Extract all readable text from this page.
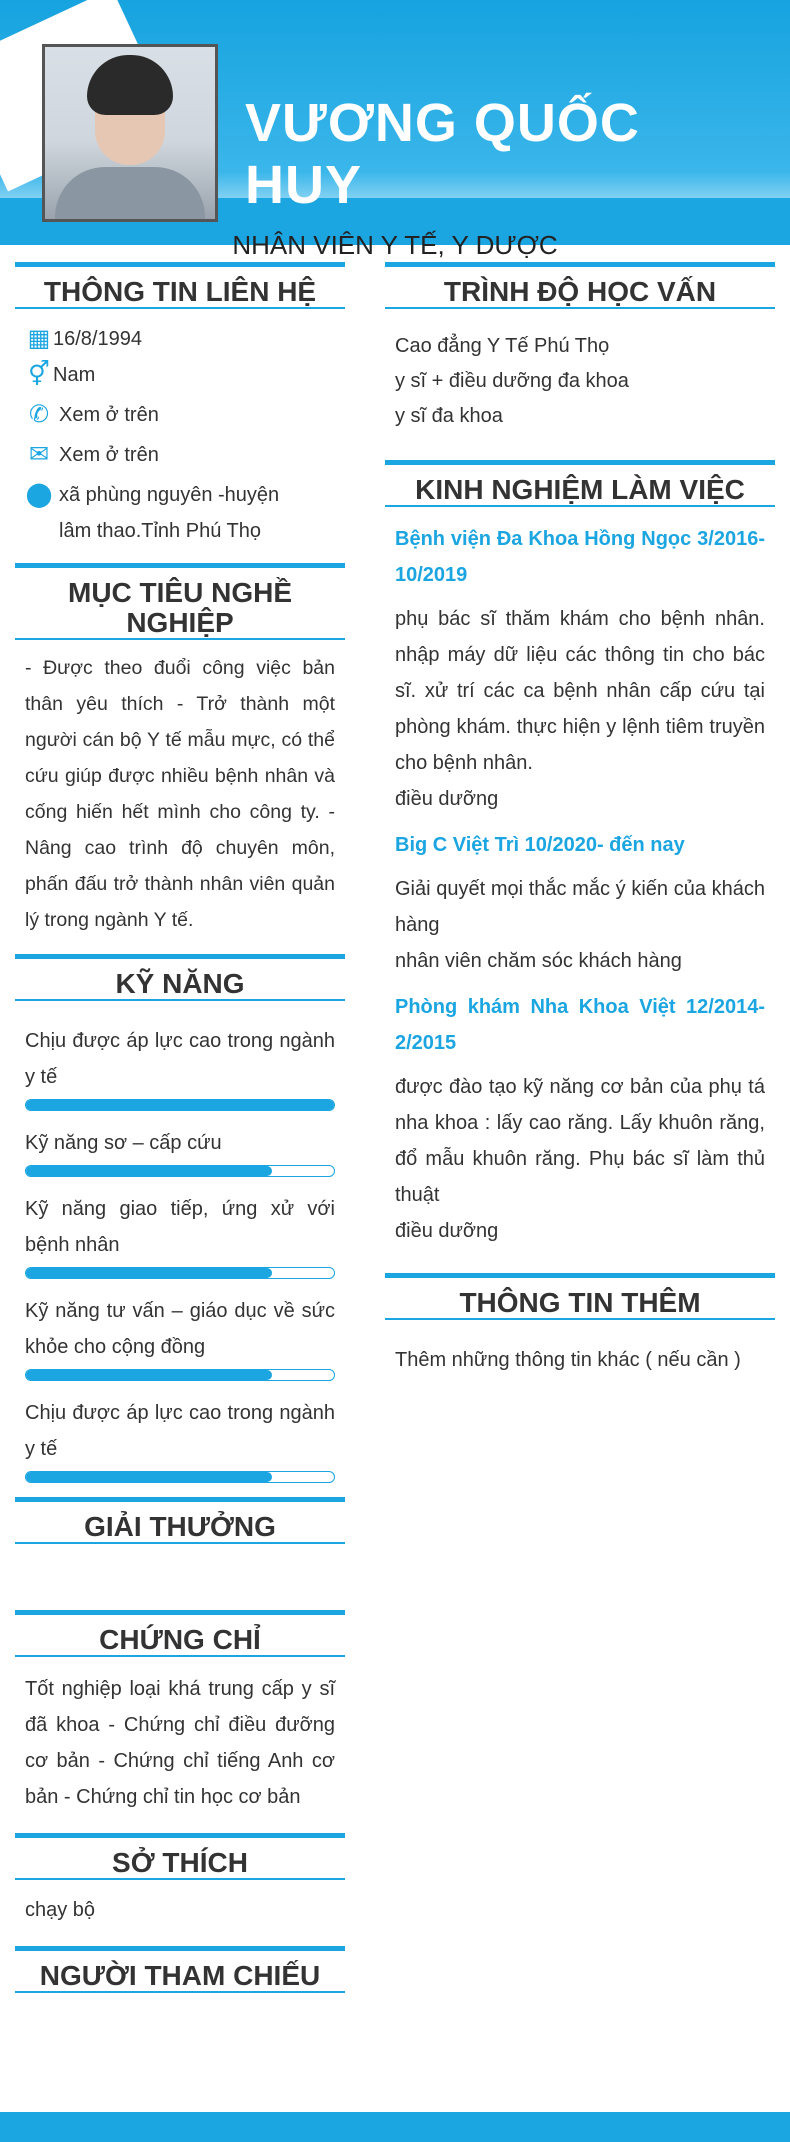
VƯƠNG QUỐC HUY
NHÂN VIÊN Y TẾ, Y DƯỢC
THÔNG TIN LIÊN HỆ
▦ 16/8/1994
⚥ Nam
✆ Xem ở trên
✉ Xem ở trên
⬤ xã phùng nguyên -huyện lâm thao.Tỉnh Phú Thọ
MỤC TIÊU NGHỀ NGHIỆP
- Được theo đuổi công việc bản thân yêu thích - Trở thành một người cán bộ Y tế mẫu mực, có thể cứu giúp được nhiều bệnh nhân và cống hiến hết mình cho công ty. - Nâng cao trình độ chuyên môn, phấn đấu trở thành nhân viên quản lý trong ngành Y tế.
KỸ NĂNG
Chịu được áp lực cao trong ngành y tế
Kỹ năng sơ – cấp cứu
Kỹ năng giao tiếp, ứng xử với bệnh nhân
Kỹ năng tư vấn – giáo dục về sức khỏe cho cộng đồng
Chịu được áp lực cao trong ngành y tế
GIẢI THƯỞNG
CHỨNG CHỈ
Tốt nghiệp loại khá trung cấp y sĩ đã khoa - Chứng chỉ điều đưỡng cơ bản - Chứng chỉ tiếng Anh cơ bản - Chứng chỉ tin học cơ bản
SỞ THÍCH
chạy bộ
NGƯỜI THAM CHIẾU
TRÌNH ĐỘ HỌC VẤN
Cao đẳng Y Tế Phú Thọ
y sĩ + điều dưỡng đa khoa
y sĩ đa khoa
KINH NGHIỆM LÀM VIỆC
Bệnh viện Đa Khoa Hồng Ngọc 3/2016- 10/2019
phụ bác sĩ thăm khám cho bệnh nhân. nhập máy dữ liệu các thông tin cho bác sĩ. xử trí các ca bệnh nhân cấp cứu tại phòng khám. thực hiện y lệnh tiêm truyền cho bệnh nhân.
điều dưỡng
Big C Việt Trì 10/2020- đến nay
Giải quyết mọi thắc mắc ý kiến của khách hàng
nhân viên chăm sóc khách hàng
Phòng khám Nha Khoa Việt 12/2014-2/2015
được đào tạo kỹ năng cơ bản của phụ tá nha khoa : lấy cao răng. Lấy khuôn răng, đổ mẫu khuôn răng. Phụ bác sĩ làm thủ thuật
điều dưỡng
THÔNG TIN THÊM
Thêm những thông tin khác ( nếu cần )
